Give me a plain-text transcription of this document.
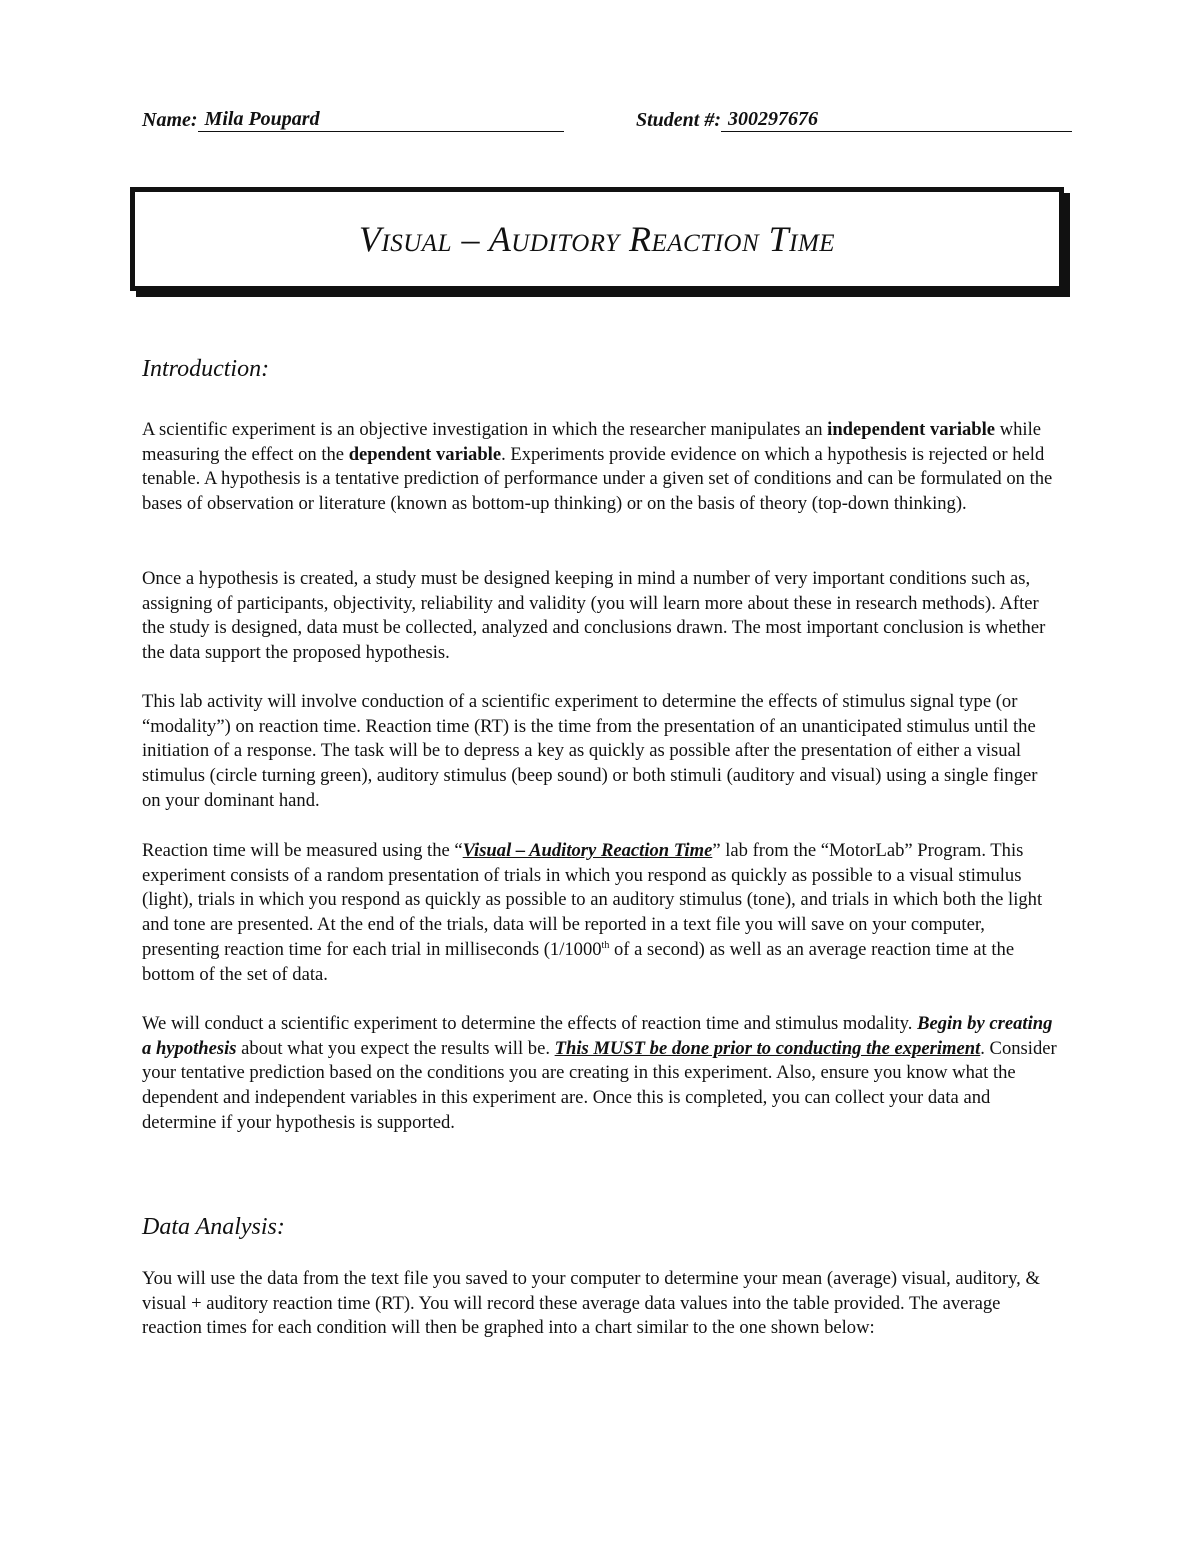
Name: Mila Poupard	Student #: 300297676
Visual – Auditory Reaction Time
Introduction:

A scientific experiment is an objective investigation in which the researcher manipulates an independent variable while measuring the effect on the dependent variable. Experiments provide evidence on which a hypothesis is rejected or held tenable. A hypothesis is a tentative prediction of performance under a given set of conditions and can be formulated on the bases of observation or literature (known as bottom-up thinking) or on the basis of theory (top-down thinking).

Once a hypothesis is created, a study must be designed keeping in mind a number of very important conditions such as, assigning of participants, objectivity, reliability and validity (you will learn more about these in research methods). After the study is designed, data must be collected, analyzed and conclusions drawn. The most important conclusion is whether the data support the proposed hypothesis.

This lab activity will involve conduction of a scientific experiment to determine the effects of stimulus signal type (or “modality”) on reaction time. Reaction time (RT) is the time from the presentation of an unanticipated stimulus until the initiation of a response. The task will be to depress a key as quickly as possible after the presentation of either a visual stimulus (circle turning green), auditory stimulus (beep sound) or both stimuli (auditory and visual) using a single finger on your dominant hand.

Reaction time will be measured using the “Visual – Auditory Reaction Time” lab from the “MotorLab” Program. This experiment consists of a random presentation of trials in which you respond as quickly as possible to a visual stimulus (light), trials in which you respond as quickly as possible to an auditory stimulus (tone), and trials in which both the light and tone are presented. At the end of the trials, data will be reported in a text file you will save on your computer, presenting reaction time for each trial in milliseconds (1/1000th of a second) as well as an average reaction time at the bottom of the set of data.

We will conduct a scientific experiment to determine the effects of reaction time and stimulus modality. Begin by creating a hypothesis about what you expect the results will be. This MUST be done prior to conducting the experiment. Consider your tentative prediction based on the conditions you are creating in this experiment. Also, ensure you know what the dependent and independent variables in this experiment are. Once this is completed, you can collect your data and determine if your hypothesis is supported.

Data Analysis:

You will use the data from the text file you saved to your computer to determine your mean (average) visual, auditory, & visual + auditory reaction time (RT). You will record these average data values into the table provided. The average reaction times for each condition will then be graphed into a chart similar to the one shown below:
